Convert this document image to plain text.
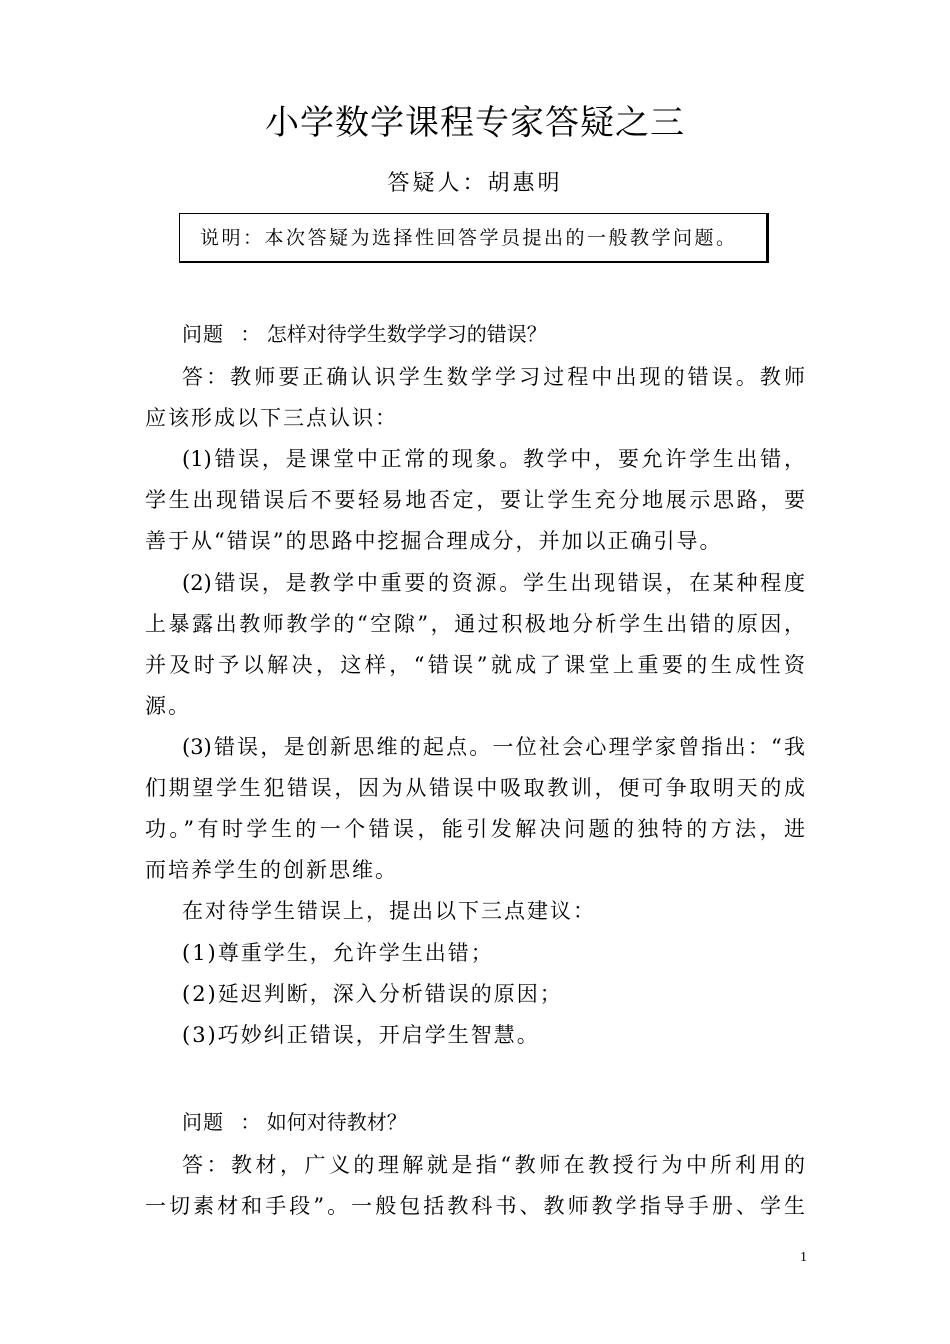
小学数学课程专家答疑之三
答疑人：胡惠明
说明：本次答疑为选择性回答学员提出的一般教学问题。
问题 ： 怎样对待学生数学学习的错误？
答：教师要正确认识学生数学学习过程中出现的错误。教师
应该形成以下三点认识：
(1)错误，是课堂中正常的现象。教学中，要允许学生出错，
学生出现错误后不要轻易地否定，要让学生充分地展示思路，要
善于从“错误”的思路中挖掘合理成分，并加以正确引导。
(2)错误，是教学中重要的资源。学生出现错误，在某种程度
上暴露出教师教学的“空隙”，通过积极地分析学生出错的原因，
并及时予以解决，这样，“错误”就成了课堂上重要的生成性资
源。
(3)错误，是创新思维的起点。一位社会心理学家曾指出：“我
们期望学生犯错误，因为从错误中吸取教训，便可争取明天的成
功。”有时学生的一个错误，能引发解决问题的独特的方法，进
而培养学生的创新思维。
在对待学生错误上，提出以下三点建议：
(1)尊重学生，允许学生出错；
(2)延迟判断，深入分析错误的原因；
(3)巧妙纠正错误，开启学生智慧。
问题 ： 如何对待教材？
答：教材，广义的理解就是指“教师在教授行为中所利用的
一切素材和手段”。一般包括教科书、教师教学指导手册、学生
1
